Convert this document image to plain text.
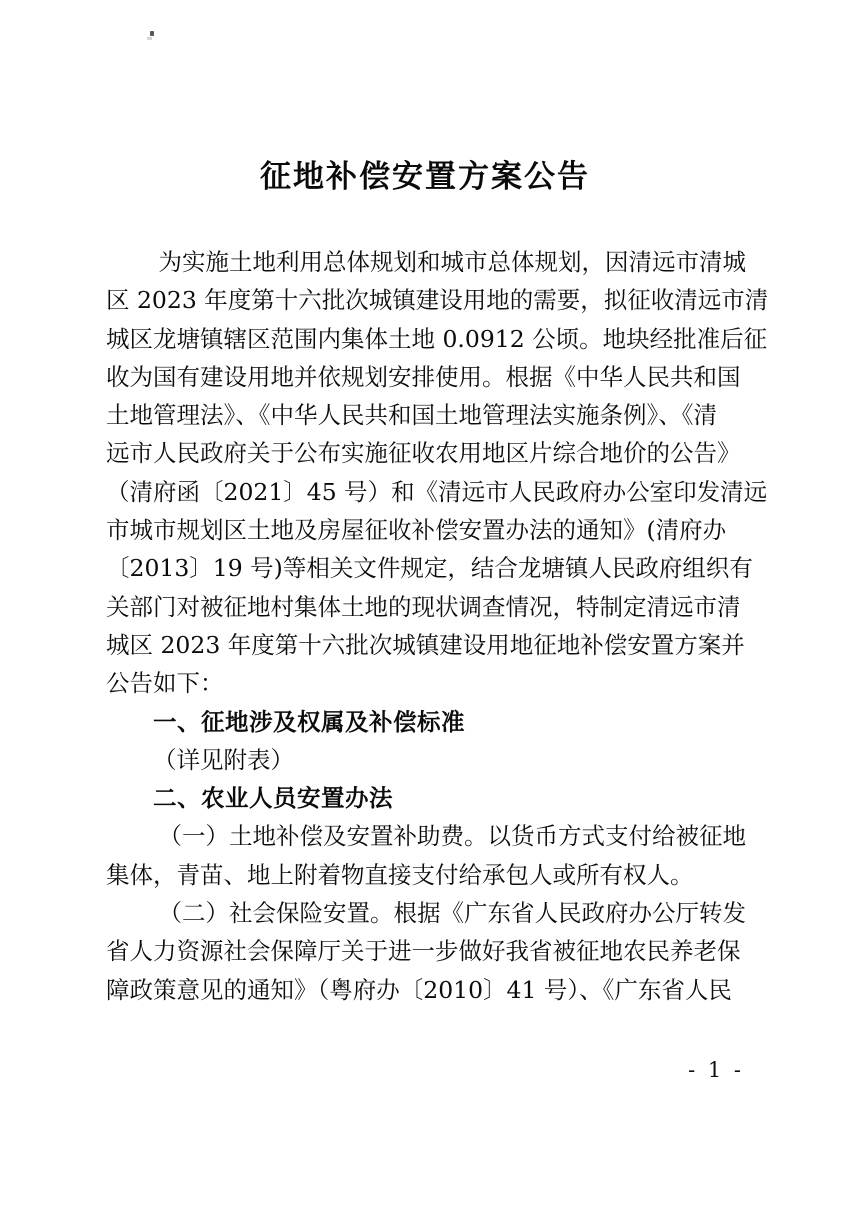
征地补偿安置方案公告
为实施土地利用总体规划和城市总体规划，因清远市清城
区 2023 年度第十六批次城镇建设用地的需要，拟征收清远市清
城区龙塘镇辖区范围内集体土地 0.0912 公顷。地块经批准后征
收为国有建设用地并依规划安排使用。根据《中华人民共和国
土地管理法》、《中华人民共和国土地管理法实施条例》、《清
远市人民政府关于公布实施征收农用地区片综合地价的公告》
（清府函〔2021〕45 号）和《清远市人民政府办公室印发清远
市城市规划区土地及房屋征收补偿安置办法的通知》(清府办
〔2013〕19 号)等相关文件规定，结合龙塘镇人民政府组织有
关部门对被征地村集体土地的现状调查情况，特制定清远市清
城区 2023 年度第十六批次城镇建设用地征地补偿安置方案并
公告如下：
一、征地涉及权属及补偿标准
（详见附表）
二、农业人员安置办法
（一）土地补偿及安置补助费。以货币方式支付给被征地
集体，青苗、地上附着物直接支付给承包人或所有权人。
（二）社会保险安置。根据《广东省人民政府办公厅转发
省人力资源社会保障厅关于进一步做好我省被征地农民养老保
障政策意见的通知》（粤府办〔2010〕41 号）、《广东省人民
- 1 -
